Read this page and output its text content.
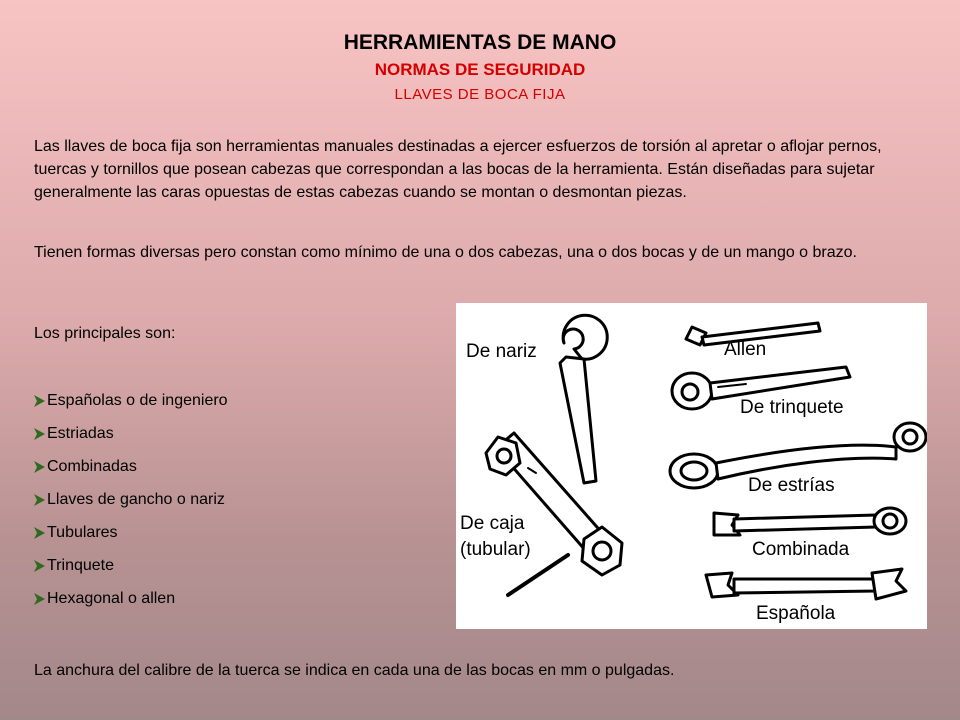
HERRAMIENTAS DE MANO
NORMAS DE SEGURIDAD
LLAVES DE BOCA FIJA

Las llaves de boca fija son herramientas manuales destinadas a ejercer esfuerzos de torsión al apretar o aflojar pernos, tuercas y tornillos que posean cabezas que correspondan a las bocas de la herramienta. Están diseñadas para sujetar generalmente las caras opuestas de estas cabezas cuando se montan o desmontan piezas.

Tienen formas diversas pero constan como mínimo de una o dos cabezas, una o dos bocas y de un mango o brazo.

Los principales son:
Españolas o de ingeniero
Estriadas
Combinadas
Llaves de gancho o nariz
Tubulares
Trinquete
Hexagonal o allen
De nariz	Allen
De trinquete
De estrías
De caja
(tubular)	Combinada
Española
La anchura del calibre de la tuerca se indica en cada una de las bocas en mm o pulgadas.
